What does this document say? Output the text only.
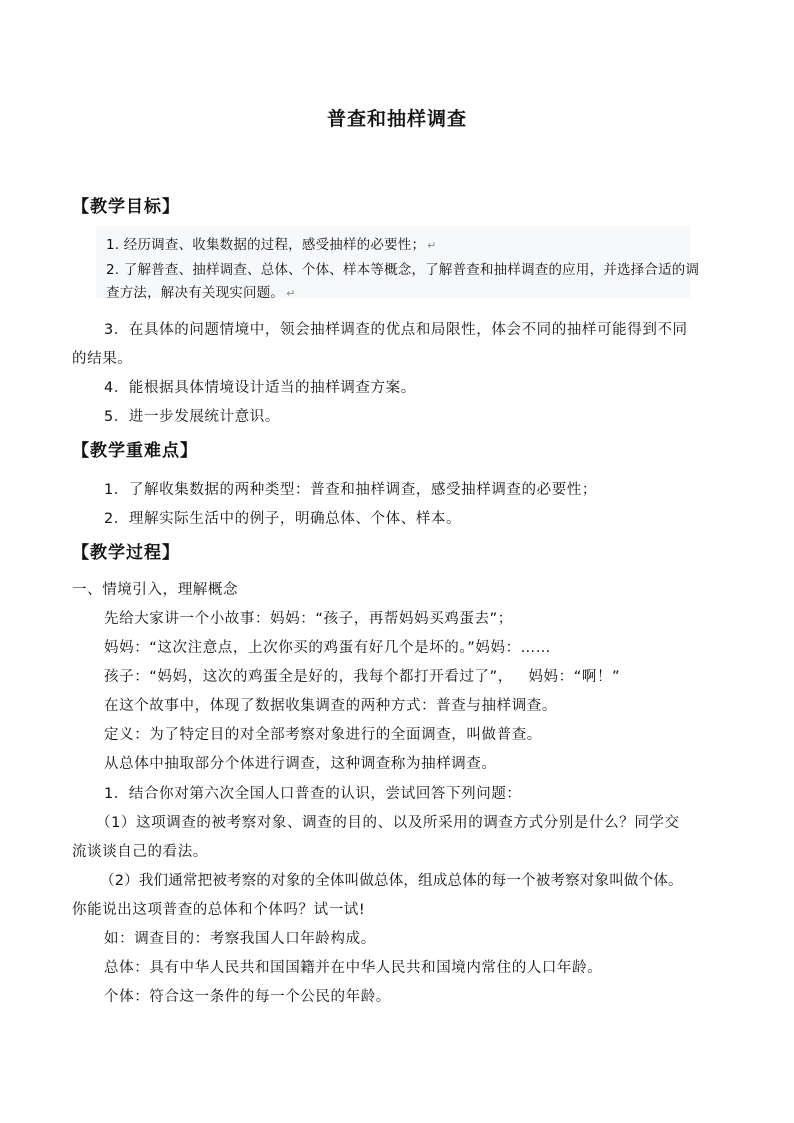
普查和抽样调查
【教学目标】
1. 经历调查、收集数据的过程，感受抽样的必要性； ↵
2. 了解普查、抽样调查、总体、个体、样本等概念，了解普查和抽样调查的应用，并选择合适的调
查方法，解决有关现实问题。 ↵
3．在具体的问题情境中，领会抽样调查的优点和局限性，体会不同的抽样可能得到不同
的结果。
4．能根据具体情境设计适当的抽样调查方案。
5．进一步发展统计意识。
【教学重难点】
1．了解收集数据的两种类型：普查和抽样调查，感受抽样调查的必要性；
2．理解实际生活中的例子，明确总体、个体、样本。
【教学过程】
一、情境引入，理解概念
先给大家讲一个小故事：妈妈：“孩子，再帮妈妈买鸡蛋去”；
妈妈：“这次注意点，上次你买的鸡蛋有好几个是坏的。”妈妈：……
孩子：“妈妈，这次的鸡蛋全是好的，我每个都打开看过了”，   妈妈：“啊！”
在这个故事中，体现了数据收集调查的两种方式：普查与抽样调查。
定义：为了特定目的对全部考察对象进行的全面调查，叫做普查。
从总体中抽取部分个体进行调查，这种调查称为抽样调查。
1．结合你对第六次全国人口普查的认识，尝试回答下列问题：
（1）这项调查的被考察对象、调查的目的、以及所采用的调查方式分别是什么？同学交
流谈谈自己的看法。
（2）我们通常把被考察的对象的全体叫做总体，组成总体的每一个被考察对象叫做个体。
你能说出这项普查的总体和个体吗？试一试!
如：调查目的：考察我国人口年龄构成。
总体：具有中华人民共和国国籍并在中华人民共和国境内常住的人口年龄。
个体：符合这一条件的每一个公民的年龄。
